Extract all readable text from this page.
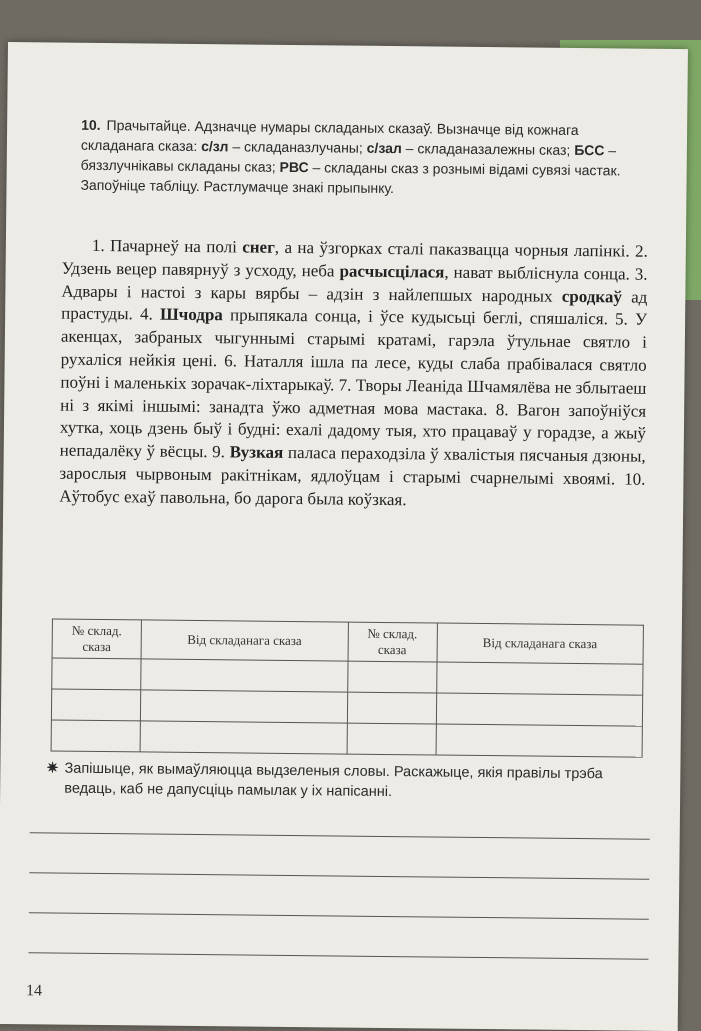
10. Прачытайце. Адзначце нумары складаных сказаў. Вызначце від кожнага складанага сказа: с/зл – складаназлучаны; с/зал – складаназалежны сказ; БСС – бяззлучнікавы складаны сказ; РВС – складаны сказ з рознымі відамі сувязі частак. Запоўніце табліцу. Растлумачце знакі прыпынку.

1. Пачарнеў на полі снег, а на ўзгорках сталі паказвацца чорныя лапінкі. 2. Удзень вецер павярнуў з усходу, неба расчысцілася, нават выблiснула сонца. 3. Адвары і настоі з кары вярбы – адзін з найлепшых народных сродкаў ад прастуды. 4. Шчодра прыпякала сонца, і ўсе кудысьці беглі, спяшаліся. 5. У акенцах, забраных чыгуннымі старымі кратамі, гарэла ўтульнае святло і рухаліся нейкія цені. 6. Наталля ішла па лесе, куды слаба прабівалася святло поўні і маленькіх зорачак-ліхтарыкаў. 7. Творы Леаніда Шчамялёва не зблытаеш ні з якімі іншымі: занадта ўжо адметная мова мастака. 8. Вагон запоўніўся хутка, хоць дзень быў і будні: ехалі дадому тыя, хто працаваў у горадзе, а жыў непадалёку ў вёсцы. 9. Вузкая паласа пераходзіла ў хвалістыя пясчаныя дзюны, зарослыя чырвоным ракітнікам, ядлоўцам і старымі счарнелымі хвоямі. 10. Аўтобус ехаў павольна, бо дарога была коўзкая.

№ склад. сказа	Від складанага сказа	№ склад. сказа	Від складанага сказа

✷ Запішыце, як вымаўляюцца выдзеленыя словы. Раскажыце, якія правілы трэба ведаць, каб не дапусціць памылак у іх напісанні.
14
